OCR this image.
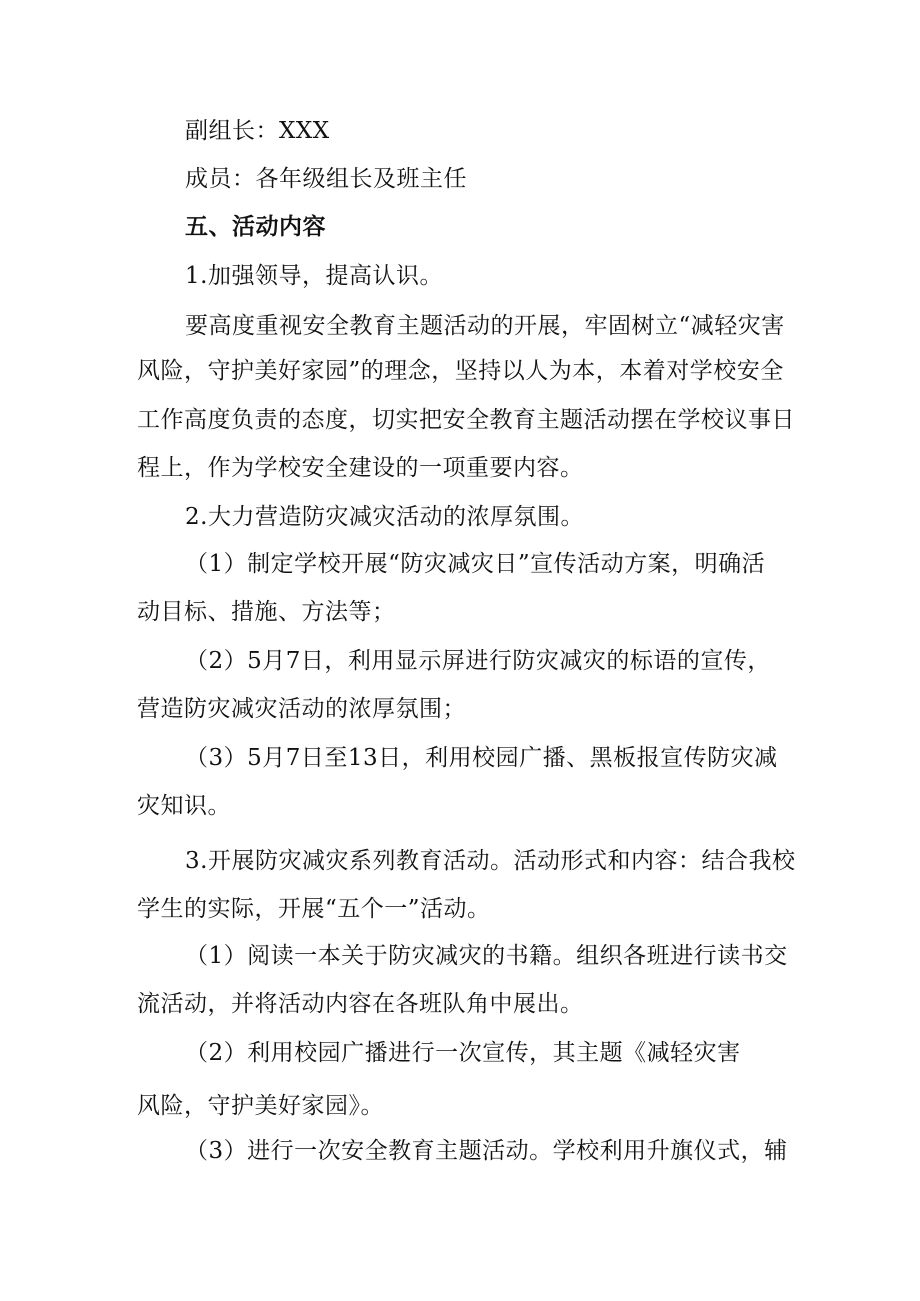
副组长：XXX
成员：各年级组长及班主任
五、活动内容
1.加强领导，提高认识。
要高度重视安全教育主题活动的开展，牢固树立“减轻灾害
风险，守护美好家园”的理念，坚持以人为本，本着对学校安全
工作高度负责的态度，切实把安全教育主题活动摆在学校议事日
程上，作为学校安全建设的一项重要内容。
2.大力营造防灾减灾活动的浓厚氛围。
（1）制定学校开展“防灾减灾日”宣传活动方案，明确活
动目标、措施、方法等；
（2）5月7日，利用显示屏进行防灾减灾的标语的宣传，
营造防灾减灾活动的浓厚氛围；
（3）5月7日至13日，利用校园广播、黑板报宣传防灾减
灾知识。
3.开展防灾减灾系列教育活动。活动形式和内容：结合我校
学生的实际，开展“五个一”活动。
（1）阅读一本关于防灾减灾的书籍。组织各班进行读书交
流活动，并将活动内容在各班队角中展出。
（2）利用校园广播进行一次宣传，其主题《减轻灾害
风险，守护美好家园》。
（3）进行一次安全教育主题活动。学校利用升旗仪式，辅
